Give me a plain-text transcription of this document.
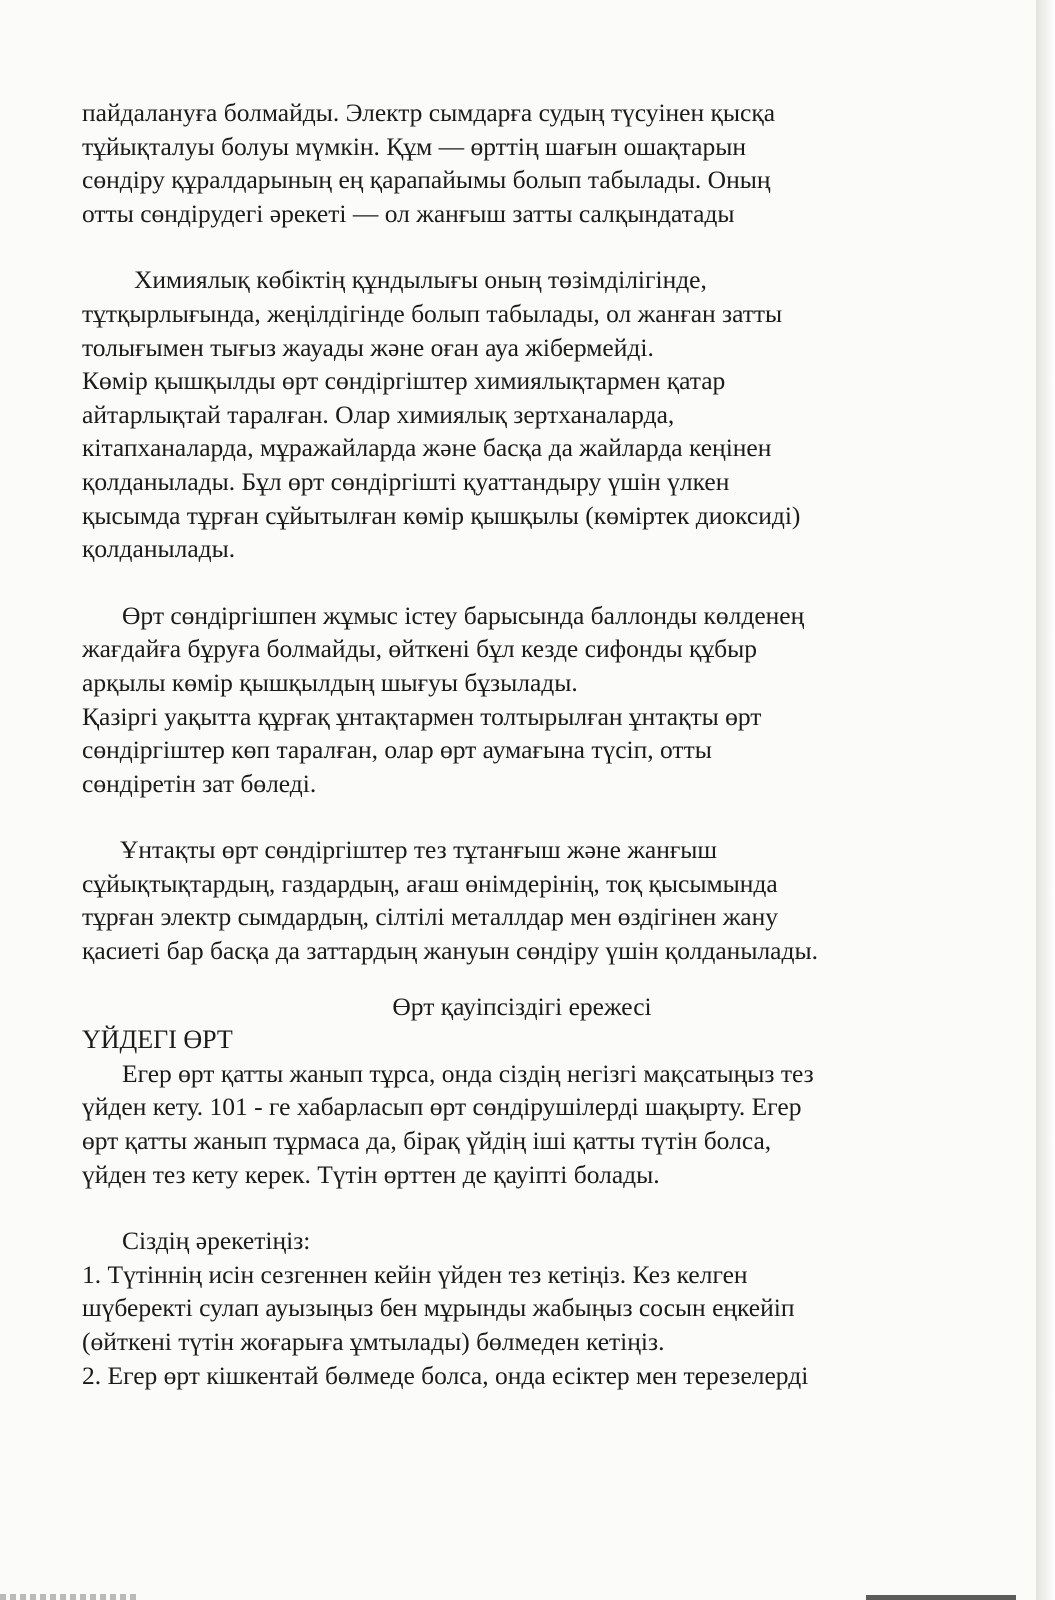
пайдалануға болмайды. Электр сымдарға судың түсуінен қысқа

тұйықталуы болуы мүмкін. Құм — өрттің шағын ошақтарын

сөндіру құралдарының ең қарапайымы болып табылады. Оның

отты сөндірудегі әрекеті — ол жанғыш затты салқындатады

Химиялық көбіктің құндылығы оның төзімділігінде,

тұтқырлығында, жеңілдігінде болып табылады, ол жанған затты

толығымен тығыз жауады және оған ауа жібермейді.

Көмір қышқылды өрт сөндіргіштер химиялықтармен қатар

айтарлықтай таралған. Олар химиялық зертханаларда,

кітапханаларда, мұражайларда және басқа да жайларда кеңінен

қолданылады. Бұл өрт сөндіргішті қуаттандыру үшін үлкен

қысымда тұрған сұйытылған көмір қышқылы (көміртек диоксиді)

қолданылады.

Өрт сөндіргішпен жұмыс істеу барысында баллонды көлденең

жағдайға бұруға болмайды, өйткені бұл кезде сифонды құбыр

арқылы көмір қышқылдың шығуы бұзылады.

Қазіргі уақытта құрғақ ұнтақтармен толтырылған ұнтақты өрт

сөндіргіштер көп таралған, олар өрт аумағына түсіп, отты

сөндіретін зат бөледі.

Ұнтақты өрт сөндіргіштер тез тұтанғыш және жанғыш

сұйықтықтардың, газдардың, ағаш өнімдерінің, тоқ қысымында

тұрған электр сымдардың, сілтілі металлдар мен өздігінен жану

қасиеті бар басқа да заттардың жануын сөндіру үшін қолданылады.

Өрт қауіпсіздігі ережесі

ҮЙДЕГІ ӨРТ

Егер өрт қатты жанып тұрса, онда сіздің негізгі мақсатыңыз тез

үйден кету. 101 - ге хабарласып өрт сөндірушілерді шақырту. Егер

өрт қатты жанып тұрмаса да, бірақ үйдің іші қатты түтін болса,

үйден тез кету керек. Түтін өрттен де қауіпті болады.

Сіздің әрекетіңіз:

1. Түтіннің исін сезгеннен кейін үйден тез кетіңіз. Кез келген

шүберекті сулап ауызыңыз бен мұрынды жабыңыз сосын еңкейіп

(өйткені түтін жоғарыға ұмтылады) бөлмеден кетіңіз.

2. Егер өрт кішкентай бөлмеде болса, онда есіктер мен терезелерді
